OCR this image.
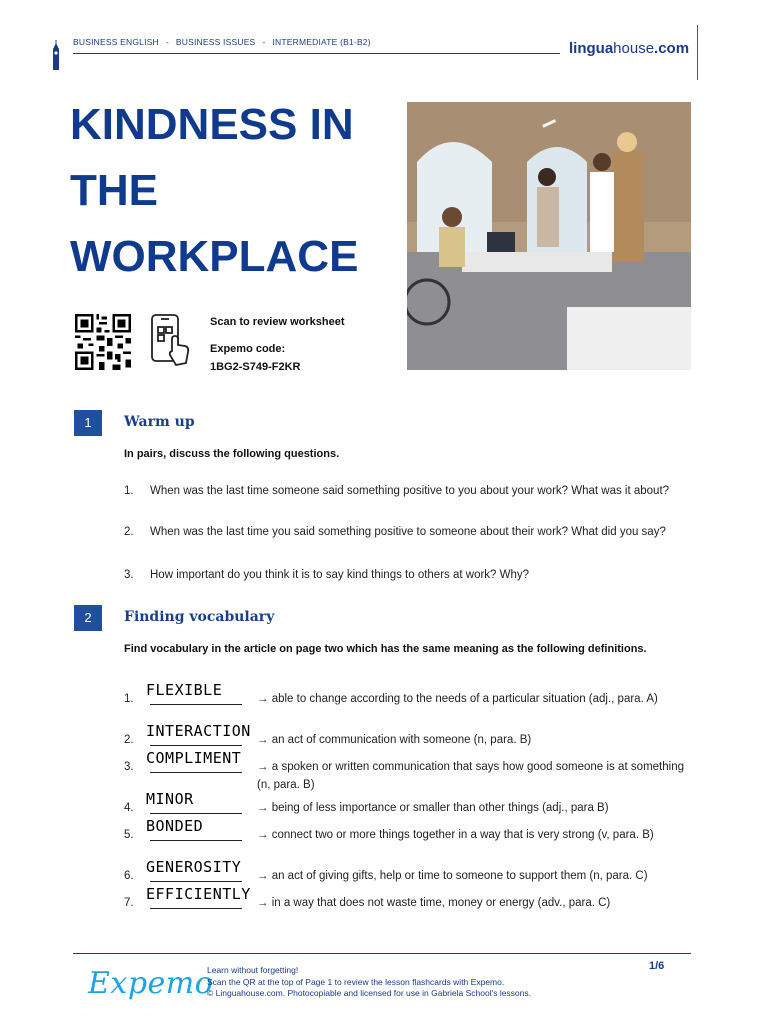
BUSINESS ENGLISH - BUSINESS ISSUES - INTERMEDIATE (B1-B2)	linguahouse.com
KINDNESS IN
THE
WORKPLACE
Scan to review worksheet
Expemo code:
1BG2-S749-F2KR
1	Warm up
In pairs, discuss the following questions.
1. When was the last time someone said something positive to you about your work? What was it about?
2. When was the last time you said something positive to someone about their work? What did you say?
3. How important do you think it is to say kind things to others at work? Why?
2	Finding vocabulary
Find vocabulary in the article on page two which has the same meaning as the following definitions.
1. FLEXIBLE	→ able to change according to the needs of a particular situation (adj., para. A)
2. INTERACTION → an act of communication with someone (n, para. B)
3. COMPLIMENT → a spoken or written communication that says how good someone is at something (n, para. B)
4. MINOR	→ being of less importance or smaller than other things (adj., para B)
5. BONDED	→ connect two or more things together in a way that is very strong (v, para. B)
6. GENEROSITY → an act of giving gifts, help or time to someone to support them (n, para. C)
7. EFFICIENTLY → in a way that does not waste time, money or energy (adv., para. C)
Expemo
Learn without forgetting!
Scan the QR at the top of Page 1 to review the lesson flashcards with Expemo.
© Linguahouse.com. Photocopiable and licensed for use in Gabriela School's lessons.
1/6
